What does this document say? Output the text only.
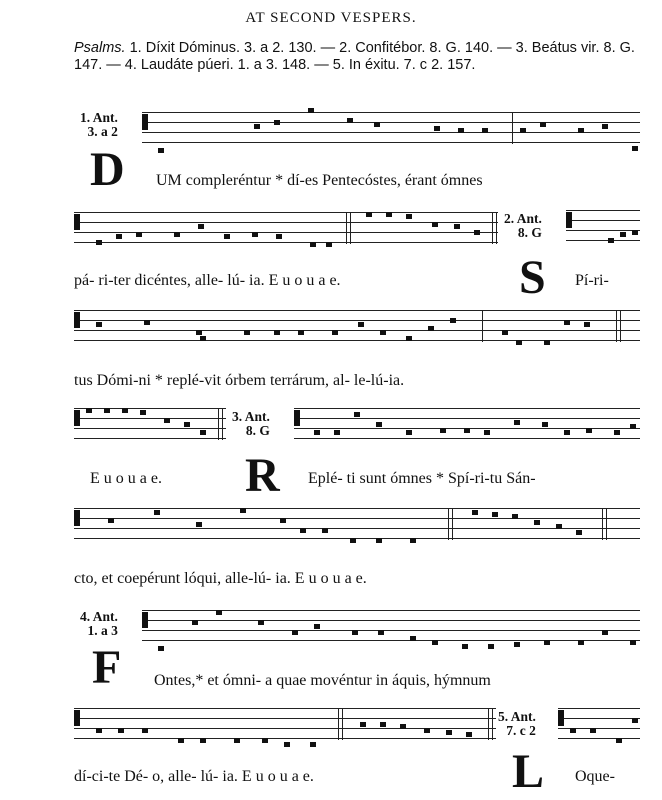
AT SECOND VESPERS.
Psalms. 1. Díxit Dóminus. 3. a 2. 130. — 2. Confitébor. 8. G. 140. — 3. Beátus vir. 8. G. 147. — 4. Laudáte púeri. 1. a 3. 148. — 5. In éxitu. 7. c 2. 157.
1. Ant.
3. a 2
D UM compleréntur * dí-es Pentecóstes, érant ómnes
2. Ant.
8. G
pá- ri-ter dicéntes, alle- lú- ia. E u o u a e.	S Pí-ri-
tus Dómi-ni * replé-vit órbem terrárum, al- le-lú-ia.
3. Ant.
8. G
E u o u a e. R Eplé- ti sunt ómnes * Spí-ri-tu Sán-
cto, et coepérunt lóqui, alle-lú- ia. E u o u a e.
4. Ant.
1. a 3
F Ontes,* et ómni- a quae movéntur in áquis, hýmnum
5. Ant.
7. c 2
dí-ci-te Dé- o, alle- lú- ia. E u o u a e.	L Oque-
